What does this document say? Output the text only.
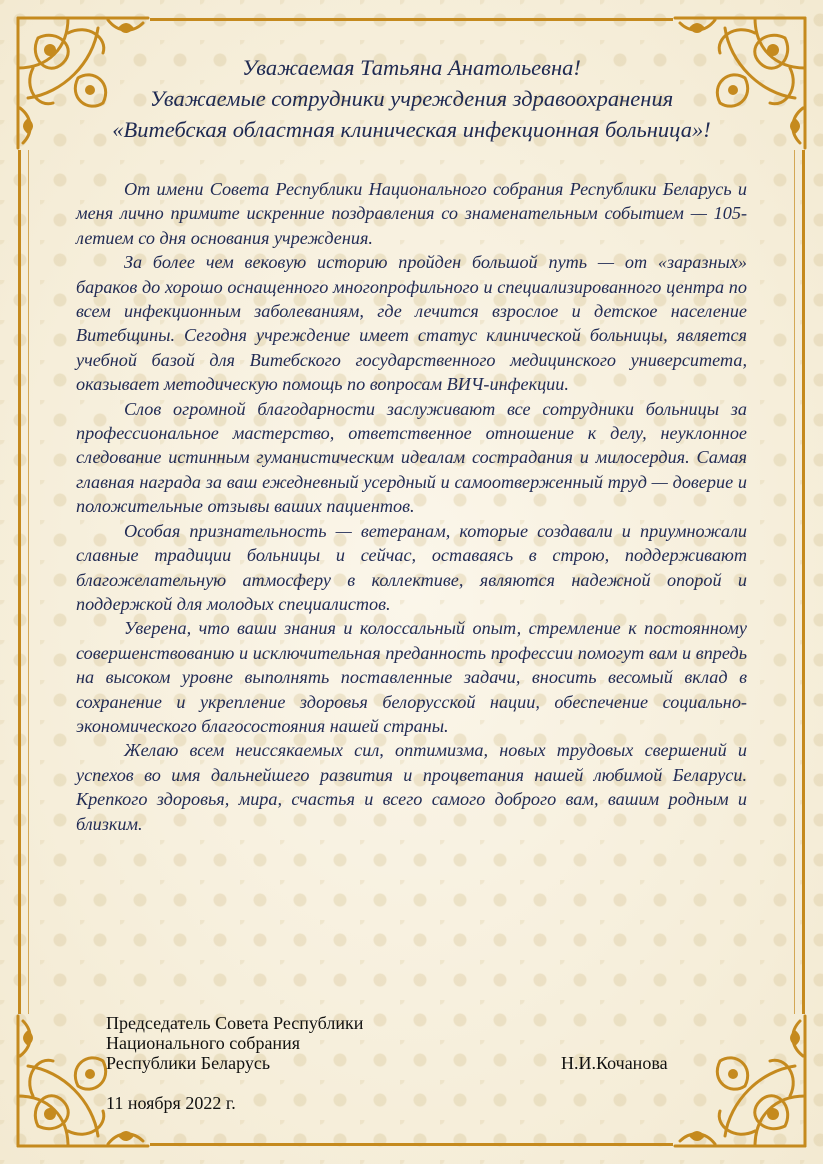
Уважаемая Татьяна Анатольевна!
Уважаемые сотрудники учреждения здравоохранения
«Витебская областная клиническая инфекционная больница»!

От имени Совета Республики Национального собрания Республики Беларусь и меня лично примите искренние поздравления со знаменательным событием — 105-летием со дня основания учреждения.

За более чем вековую историю пройден большой путь — от «заразных» бараков до хорошо оснащенного многопрофильного и специализированного центра по всем инфекционным заболеваниям, где лечится взрослое и детское население Витебщины. Сегодня учреждение имеет статус клинической больницы, является учебной базой для Витебского государственного медицинского университета, оказывает методическую помощь по вопросам ВИЧ-инфекции.

Слов огромной благодарности заслуживают все сотрудники больницы за профессиональное мастерство, ответственное отношение к делу, неуклонное следование истинным гуманистическим идеалам сострадания и милосердия. Самая главная награда за ваш ежедневный усердный и самоотверженный труд — доверие и положительные отзывы ваших пациентов.

Особая признательность — ветеранам, которые создавали и приумножали славные традиции больницы и сейчас, оставаясь в строю, поддерживают благожелательную атмосферу в коллективе, являются надежной опорой и поддержкой для молодых специалистов.

Уверена, что ваши знания и колоссальный опыт, стремление к постоянному совершенствованию и исключительная преданность профессии помогут вам и впредь на высоком уровне выполнять поставленные задачи, вносить весомый вклад в сохранение и укрепление здоровья белорусской нации, обеспечение социально-экономического благосостояния нашей страны.

Желаю всем неиссякаемых сил, оптимизма, новых трудовых свершений и успехов во имя дальнейшего развития и процветания нашей любимой Беларуси. Крепкого здоровья, мира, счастья и всего самого доброго вам, вашим родным и близким.

Председатель Совета Республики
Национального собрания
Республики Беларусь	Н.И.Кочанова
11 ноября 2022 г.
